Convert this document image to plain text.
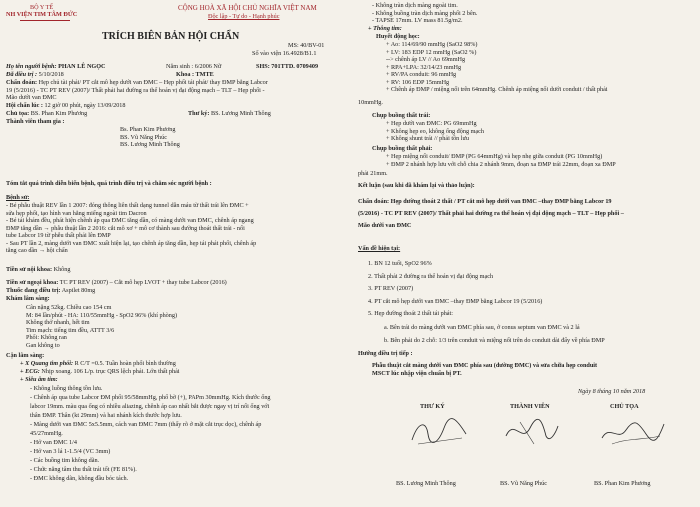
BỘ Y TẾ
NH VIỆN TIM TÂM ĐỨC
CỘNG HOÀ XÃ HỘI CHỦ NGHĨA VIỆT NAM
Độc lập - Tự do - Hạnh phúc
MS: 40/BV-01
Số vào viện 16.4928/B1.1
TRÍCH BIÊN BẢN HỘI CHẨN
Họ tên người bệnh: PHAN LÊ NGỌC	Năm sinh : 6/2006 Nữ	SHS: 701TTD. 0709409
Đã điều trị : 5/10/2018	Khoa : TMTE
Chẩn đoán: Hẹp chủ tài phải/ PT cắt mô hẹp dưới van ĐMC – Hẹp phổi tái phát/ thay ĐMP bằng Labcor
19 (5/2016) - TC PT REV (2007)/ Thất phải hai đường ra thể hoán vị đại động mạch – TLT – Hẹp phổi -
Mão dưới van ĐMC
Hội chẩn lúc : 12 giờ 00 phút, ngày 13/09/2018
Chủ tọa: BS. Phan Kim Phương	Thư ký: BS. Lương Minh Thông
Thành viên tham gia :
Bs. Phan Kim Phương
BS. Vũ Năng Phúc
BS. Lương Minh Thông
Tóm tắt quá trình diễn biến bệnh, quá trình điều trị và chăm sóc người bệnh :
Bệnh sử:
- Bé phẫu thuật REV lần 1 2007: đóng thông liên thất dạng tunnel dẫn máu từ thất trái lên ĐMC +
sửa hẹp phổi, tạo hình van hằng miếng ngoài tim Dacron
- Bé tái khám đều, phát hiện chênh áp qua ĐMC tăng dần, có màng dưới van ĐMC, chênh áp ngang
ĐMP tăng dần → phẫu thuật lần 2 2016: cắt mô xơ + mô cơ thành sau đường thoát thất trái - nối
tube Labcor 19 từ phễu thất phải lên ĐMP
- Sau PT lần 2, màng dưới van ĐMC xuất hiện lại, tạo chênh áp tăng dần, hẹp tái phát phổi, chênh áp
tăng cao dần → hội chẩn
Tiền sử nội khoa: Không
Tiền sử ngoại khoa: TC PT REV (2007) – Cắt mô hẹp LVOT + thay tube Labcor (2016)
Thuốc đang điều trị: Aspilet 80mg
Khám lâm sàng:
Cân nặng 52kg. Chiều cao 154 cm
M: 84 lần/phút - HA: 110/55mmHg - SpO2 96% (khí phòng)
Không thở nhanh, hết tim
Tim mạch: tiếng tim đều, ATTT 3/6
Phổi: Không ran
Gan không to
Cận lâm sàng:
+ X Quang tim phổi: R C/T =0.5. Tuần hoàn phổi bình thường
+ ECG: Nhịp xoang. 106 L/p. trục QRS lệch phải. Lớn thất phải
+ Siêu âm tim:
- Không luồng thông tồn lưu.
- Chênh áp qua tube Labcor ĐM phổi 95/58mmHg, phổ bờ (+), PAPm 30mmHg. Kích thước ống
labcor 19mm. màu qua ống có nhiều aliazing, chênh áp cao nhất bắt được ngay vị trí nối ống với
thân ĐMP. Thân (kt 29mm) và hai nhánh kích thước hợp lưu.
- Màng dưới van ĐMC 5x5.5mm, cách van ĐMC 7mm (thấy rõ ở mặt cắt trục dọc), chênh áp
45/27mmHg.
- Hở van ĐMC 1/4
- Hở van 3 lá 1-1.5/4 (VC 3mm)
- Các buồng tim không dãn.
- Chức năng tâm thu thất trái tốt (FE 81%).
- ĐMC không dãn, không đầu bóc tách.
- Không tràn dịch màng ngoài tim.
- Không buồng tràn dịch màng phổi 2 bên.
- TAPSE 17mm. LV mass 81.5g/m2.
+ Thông tim:
Huyết động học:
+ Ao: 114/69/90 mmHg (SaO2 98%)
+ LV: 183 EDP 12 mmHg (SaO2 %)
--> chênh áp LV // Ao 69mmHg
+ RPA+LPA: 32/14/23 mmHg
+ RV/PA conduit: 96 mmHg
+ RV: 106 EDP 15mmHg
+ Chênh áp ĐMP / miệng nối trên 64mmHg. Chênh áp miệng nối dưới conduit / thất phải
10mmHg.
Chụp buồng thất trái:
+ Hẹp dưới van ĐMC: PG 69mmHg
+ Không hẹp eo, không ống động mạch
+ Không shunt trái // phải tồn lưu
Chụp buồng thất phải:
+ Hẹp miệng nối conduit/ ĐMP (PG 64mmHg) và hẹp nhẹ giữa conduit (PG 10mmHg)
+ ĐMP 2 nhánh hợp lưu với chỗ chia 2 nhánh 9mm, đoạn xa ĐMP trái 22mm, đoạn xa ĐMP
phải 21mm.
Kết luận (sau khi đã khám lại và thảo luận):
Chẩn đoán: Hẹp đường thoát 2 thất / PT cắt mô hẹp dưới van ĐMC –thay ĐMP bằng Labcor 19
(5/2016) - TC PT REV (2007)/ Thất phải hai đường ra thể hoán vị đại động mạch – TLT – Hẹp phổi –
Mão dưới van ĐMC
Vấn đề hiện tại:
1. BN 12 tuổi, SpO2 96%
2. Thất phải 2 đường ra thể hoán vị đại động mạch
3. PT REV (2007)
4. PT cắt mô hẹp dưới van ĐMC –thay ĐMP bằng Labcor 19 (5/2016)
5. Hẹp đường thoát 2 thất tái phát:
a. Bên trái do màng dưới van ĐMC phía sau, ở conus septum van ĐMC và 2 lá
b. Bên phải do 2 chỗ: 1/3 trên conduit và miệng nối trên do conduit dài đẩy về phía ĐMP
Hướng điều trị tiếp :
Phẫu thuật cắt màng dưới van ĐMC phía sau (đường ĐMC) và sửa chữa hẹp conduit
MSCT lúc nhập viện chuẩn bị PT.
Ngày 8 tháng 10 năm 2018
THƯ KÝ	THÀNH VIÊN	CHỦ TỌA
BS. Lương Minh Thông	BS. Vũ Năng Phúc	BS. Phan Kim Phương
